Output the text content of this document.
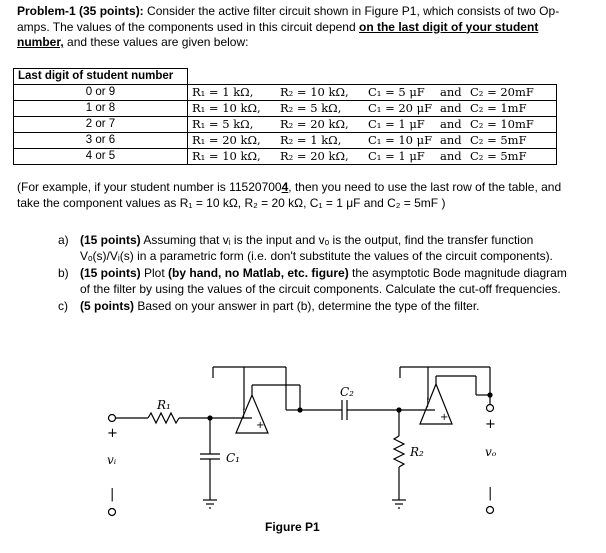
Problem-1 (35 points): Consider the active filter circuit shown in Figure P1, which consists of two Op-amps. The values of the components used in this circuit depend on the last digit of your student number, and these values are given below:
Last digit of student number	
0 or 9	R₁ = 1 kΩ, R₂ = 10 kΩ, C₁ = 5 μF and C₂ = 20mF
1 or 8	R₁ = 10 kΩ, R₂ = 5 kΩ, C₁ = 20 μF and C₂ = 1mF
2 or 7	R₁ = 5 kΩ, R₂ = 20 kΩ, C₁ = 1 μF and C₂ = 10mF
3 or 6	R₁ = 20 kΩ, R₂ = 1 kΩ, C₁ = 10 μF and C₂ = 5mF
4 or 5	R₁ = 10 kΩ, R₂ = 20 kΩ, C₁ = 1 μF and C₂ = 5mF
(For example, if your student number is 115207004, then you need to use the last row of the table, and take the component values as R₁ = 10 kΩ, R₂ = 20 kΩ, C₁ = 1 μF and C₂ = 5mF )
a) (15 points) Assuming that vᵢ is the input and vₒ is the output, find the transfer function Vₒ(s)/Vᵢ(s) in a parametric form (i.e. don't substitute the values of the circuit components).
b) (15 points) Plot (by hand, no Matlab, etc. figure) the asymptotic Bode magnitude diagram of the filter by using the values of the circuit components. Calculate the cut-off frequencies.
c) (5 points) Based on your answer in part (b), determine the type of the filter.
+
vᵢ
|
R₁
C₁
+
|
C₂
R₂
+
|
+
vₒ
|
Figure P1
